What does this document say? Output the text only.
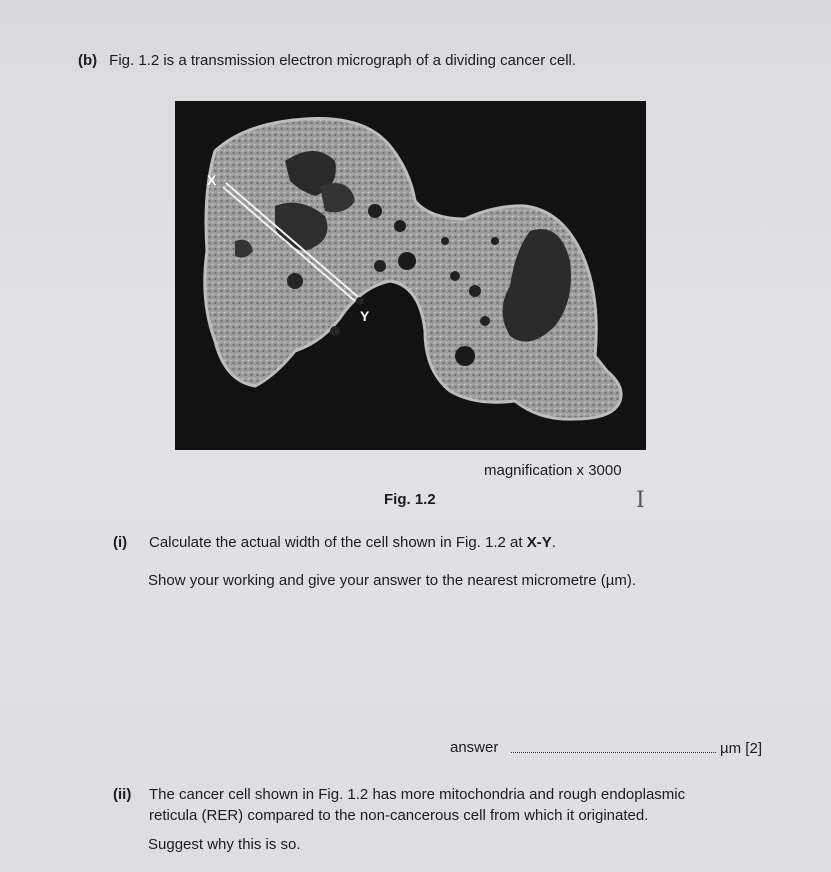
(b) Fig. 1.2 is a transmission electron micrograph of a dividing cancer cell.
X
Y
magnification x 3000
Fig. 1.2	I
(i) Calculate the actual width of the cell shown in Fig. 1.2 at X-Y.
Show your working and give your answer to the nearest micrometre (µm).
answer	µm [2]
(ii) The cancer cell shown in Fig. 1.2 has more mitochondria and rough endoplasmic
reticula (RER) compared to the non-cancerous cell from which it originated.
Suggest why this is so.
